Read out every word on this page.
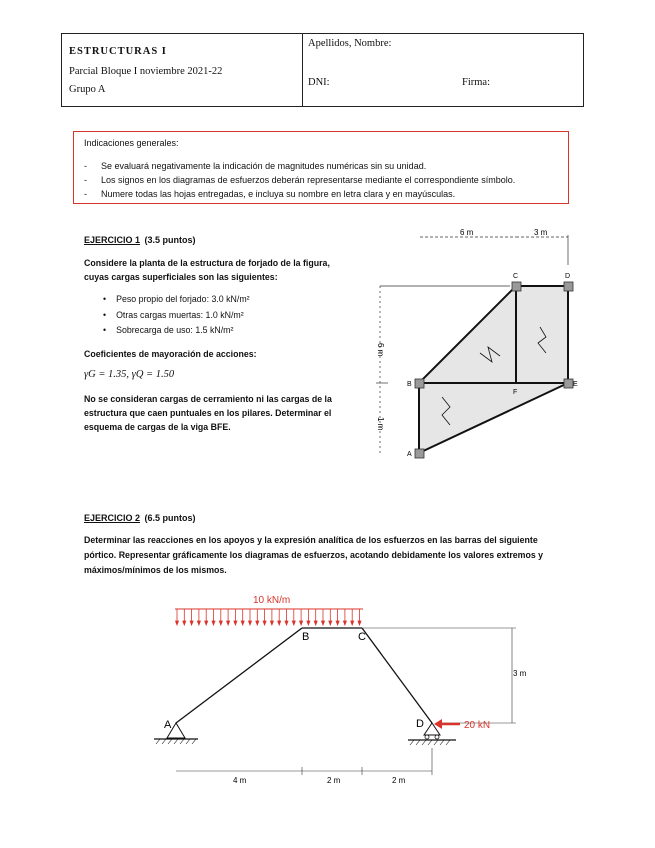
ESTRUCTURAS I
Parcial Bloque I noviembre 2021-22
Grupo A
Apellidos, Nombre:
DNI:	Firma:
Indicaciones generales:
- Se evaluará negativamente la indicación de magnitudes numéricas sin su unidad.
- Los signos en los diagramas de esfuerzos deberán representarse mediante el correspondiente símbolo.
- Numere todas las hojas entregadas, e incluya su nombre en letra clara y en mayúsculas.
EJERCICIO 1 (3.5 puntos)
Considere la planta de la estructura de forjado de la figura,
cuyas cargas superficiales son las siguientes:
• Peso propio del forjado: 3.0 kN/m²
• Otras cargas muertas: 1.0 kN/m²
• Sobrecarga de uso: 1.5 kN/m²
Coeficientes de mayoración de acciones:
γG = 1.35, γQ = 1.50
No se consideran cargas de cerramiento ni las cargas de la
estructura que caen puntuales en los pilares. Determinar el
esquema de cargas de la viga BFE.
6 m	3 m
6 m
1 m
A
B
C	D
E
F
EJERCICIO 2 (6.5 puntos)
Determinar las reacciones en los apoyos y la expresión analítica de los esfuerzos en las barras del siguiente
pórtico. Representar gráficamente los diagramas de esfuerzos, acotando debidamente los valores extremos y
máximos/mínimos de los mismos.
10 kN/m
3 m
20 kN
A
B	C
D
4 m	2 m	2 m
